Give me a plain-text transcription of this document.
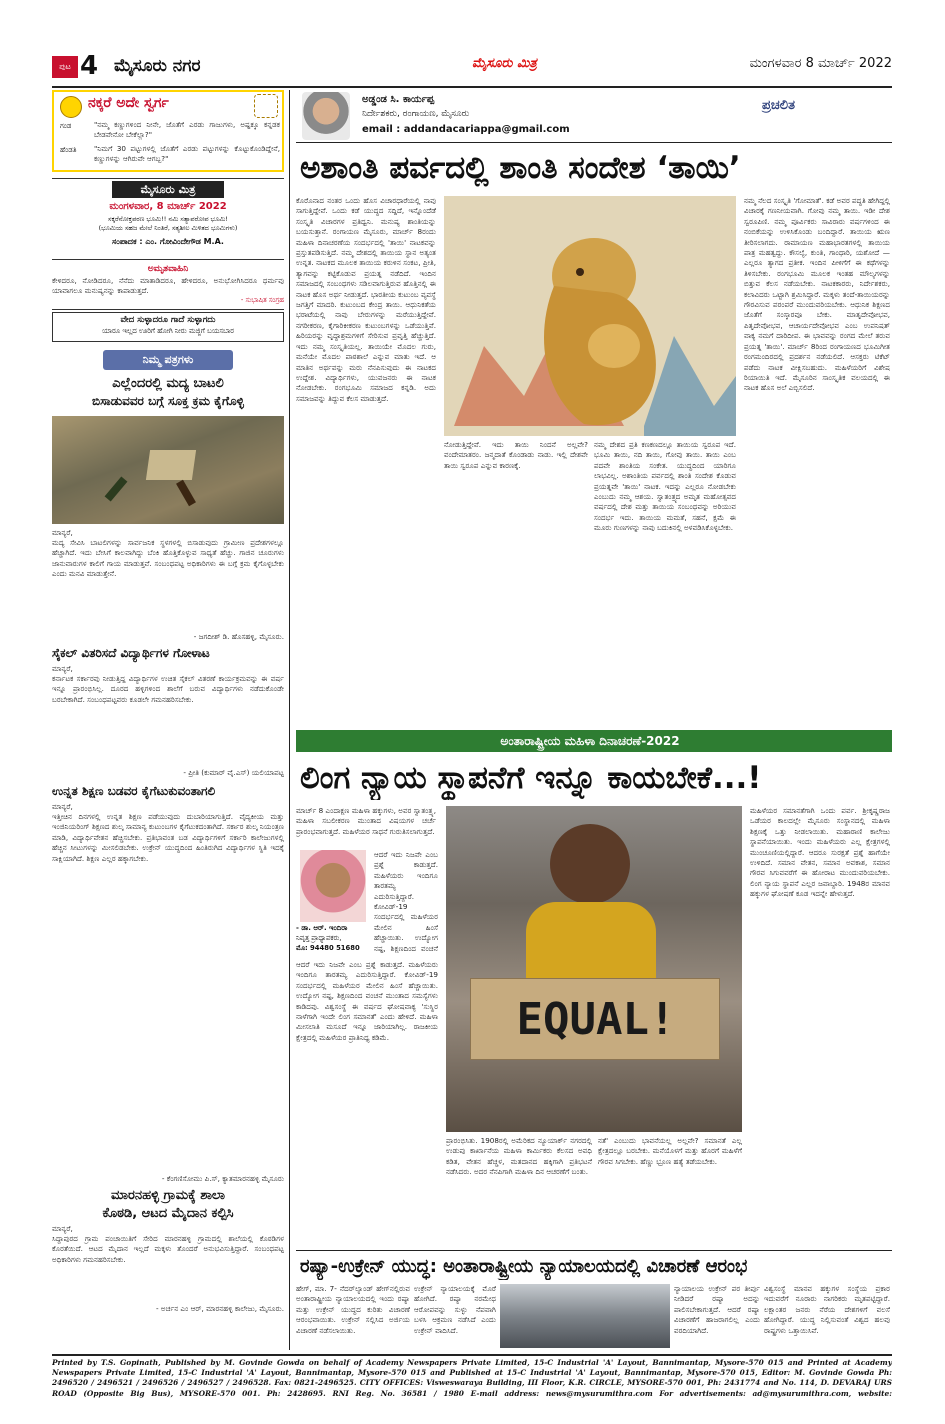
ಪುಟ 4 ಮೈಸೂರು ನಗರ	ಮೈಸೂರು ಮಿತ್ರ	ಮಂಗಳವಾರ 8 ಮಾರ್ಚ್ 2022
ನಕ್ಕರೆ ಅದೇ ಸ್ವರ್ಗ
ಗಂಡ	"ನಮ್ಮ ಕಣ್ಣುಗಳಿಂದ ನೀನೇ, ಜೊತೆಗೆ ಎರಡು ಗಾಜುಗಳು, ಅಷ್ಟಕ್ಕೂ ಕನ್ನಡಕ ಬೇಡವೇನೋ ಬೇಕೆಲ್ಲಾ?"
ಹೆಂಡತಿ	"ನಿಮಗೆ 30 ಪಟ್ಟುಗಳಲ್ಲಿ ಜೊತೆಗೆ ಎರಡು ಪಟ್ಟುಗಳನ್ನು ಕೊಟ್ಟುಕೊಂಡಿದ್ದೇನೆ, ಕಣ್ಣುಗಳನ್ನು ಆಗಿರುವೇ ಆಗಬ್ಬ?"
ಮೈಸೂರು ಮಿತ್ರ
ಮಂಗಳವಾರ, 8 ಮಾರ್ಚ್ 2022
ಸಕ್ಕರೆನೋಕ್ತಪಠಣ ಭೂಮಿ!! ನಮಿ ಸತ್ಯಾಪರೋಪ ಭೂಮಿ!
(ಭೂಮಿಯ ಸಹಜ ಮೇಲೆ ನಿಂತಿರೆ, ಸತ್ಯಶೀಲ ಮಿಳಿತದ ಭೂಮಿಗಳು)
ಸಂಪಾದಕ : ಎಂ. ಗೋವಿಂದೇಗೌಡ M.A.
ಅಮೃತವಾಹಿನಿ
ಕೇಳಿದರೂ, ನೋಡಿದರೂ, ನೆನೆದು ಮಾತಾಡಿದರೂ, ಹೇಳಿದರೂ, ಅನುಭೋಗಿಸಿದರೂ ಧರ್ಮವು ಯಾವಾಗಲೂ ಮನುಷ್ಯನನ್ನು ಕಾಪಾಡುತ್ತದೆ.
- ಸುಭಾಷಿತ ಸಂಗ್ರಹ
ವೇದ ಸುಳ್ಳಾದರೂ ಗಾದೆ ಸುಳ್ಳಾಗದು
ಯಾರೂ ಇಲ್ಲದ ಊರಿಗೆ ಹೋಗಿ ನೀರು ಮಜ್ಜಿಗೆ ಬಯಸಬಾರ
ನಿಮ್ಮ ಪತ್ರಗಳು
ಎಲ್ಲೆಂದರಲ್ಲಿ ಮದ್ಯ ಬಾಟಲಿ
ಬಿಸಾಡುವವರ ಬಗ್ಗೆ ಸೂಕ್ತ ಕ್ರಮ ಕೈಗೊಳ್ಳಿ
ಮಾನ್ಯರೆ,
ಮದ್ಯ ಸೇವಿಸಿ ಬಾಟಲಿಗಳನ್ನು ಸಾರ್ವಜನಿಕ ಸ್ಥಳಗಳಲ್ಲಿ ಬಿಸಾಡುವುದು ಗ್ರಾಮೀಣ ಪ್ರದೇಶಗಳಲ್ಲೂ ಹೆಚ್ಚಾಗಿದೆ. ಇದು ಬೇಸಿಗೆ ಕಾಲವಾಗಿದ್ದು ಬೆಂಕಿ ಹೊತ್ತಿಕೊಳ್ಳುವ ಸಾಧ್ಯತೆ ಹೆಚ್ಚು. ಗಾಜಿನ ಚೂರುಗಳು ಜಾನುವಾರುಗಳ ಕಾಲಿಗೆ ಗಾಯ ಮಾಡುತ್ತವೆ. ಸಂಬಂಧಪಟ್ಟ ಅಧಿಕಾರಿಗಳು ಈ ಬಗ್ಗೆ ಕ್ರಮ ಕೈಗೊಳ್ಳಬೇಕು ಎಂದು ಮನವಿ ಮಾಡುತ್ತೇನೆ.
- ಜಗದೀಶ್ ಡಿ. ಹೊಸಹಳ್ಳಿ, ಮೈಸೂರು.
ಸೈಕಲ್ ವಿತರಿಸದೆ ವಿದ್ಯಾರ್ಥಿಗಳ ಗೋಳಾಟ
ಮಾನ್ಯರೆ,
ಕರ್ನಾಟಕ ಸರ್ಕಾರವು ನೀಡುತ್ತಿದ್ದ ವಿದ್ಯಾರ್ಥಿಗಳ ಉಚಿತ ಸೈಕಲ್ ವಿತರಣೆ ಕಾರ್ಯಕ್ರಮವನ್ನು ಈ ವರ್ಷ ಇನ್ನೂ ಪ್ರಾರಂಭಿಸಿಲ್ಲ. ದೂರದ ಹಳ್ಳಿಗಳಿಂದ ಶಾಲೆಗೆ ಬರುವ ವಿದ್ಯಾರ್ಥಿಗಳು ನಡೆದುಕೊಂಡೇ ಬರಬೇಕಾಗಿದೆ. ಸಂಬಂಧಪಟ್ಟವರು ಕೂಡಲೇ ಗಮನಹರಿಸಬೇಕು.
- ಪ್ರೀತಿ (ಕುಮಾರ್ ವೈ.ಎಸ್) ಯಲಿಯಾಪಟ್ಟ
ಉನ್ನತ ಶಿಕ್ಷಣ ಬಡವರ ಕೈಗೆಟುಕುವಂತಾಗಲಿ
ಮಾನ್ಯರೆ,
ಇತ್ತೀಚಿನ ದಿನಗಳಲ್ಲಿ ಉನ್ನತ ಶಿಕ್ಷಣ ಪಡೆಯುವುದು ದುಬಾರಿಯಾಗುತ್ತಿದೆ. ವೈದ್ಯಕೀಯ ಮತ್ತು ಇಂಜಿನಿಯರಿಂಗ್ ಶಿಕ್ಷಣದ ಶುಲ್ಕ ಸಾಮಾನ್ಯ ಕುಟುಂಬಗಳ ಕೈಗೆಟುಕದಂತಾಗಿದೆ. ಸರ್ಕಾರ ಶುಲ್ಕ ನಿಯಂತ್ರಣ ಮಾಡಿ, ವಿದ್ಯಾರ್ಥಿವೇತನ ಹೆಚ್ಚಿಸಬೇಕು. ಪ್ರತಿಭಾವಂತ ಬಡ ವಿದ್ಯಾರ್ಥಿಗಳಿಗೆ ಸರ್ಕಾರಿ ಕಾಲೇಜುಗಳಲ್ಲಿ ಹೆಚ್ಚಿನ ಸೀಟುಗಳನ್ನು ಮೀಸಲಿಡಬೇಕು. ಉಕ್ರೇನ್ ಯುದ್ಧದಿಂದ ಹಿಂತಿರುಗಿದ ವಿದ್ಯಾರ್ಥಿಗಳ ಸ್ಥಿತಿ ಇದಕ್ಕೆ ಸಾಕ್ಷಿಯಾಗಿದೆ. ಶಿಕ್ಷಣ ಎಲ್ಲರ ಹಕ್ಕಾಗಬೇಕು.
- ಕೆಂಗಣಿಸೋಮು ಪಿ.ಸ್, ಕ್ಯಾತಮಾರನಹಳ್ಳಿ ಮೈಸೂರು
ಮಾರನಹಳ್ಳಿ ಗ್ರಾಮಕ್ಕೆ ಶಾಲಾ
ಕೊಠಡಿ, ಆಟದ ಮೈದಾನ ಕಲ್ಪಿಸಿ
ಮಾನ್ಯರೆ,
ಸಿದ್ದಾಪುರದ ಗ್ರಾಮ ಪಂಚಾಯಿತಿಗೆ ಸೇರಿದ ಮಾರನಹಳ್ಳಿ ಗ್ರಾಮದಲ್ಲಿ ಶಾಲೆಯಲ್ಲಿ ಕೊಠಡಿಗಳ ಕೊರತೆಯಿದೆ. ಆಟದ ಮೈದಾನ ಇಲ್ಲದೆ ಮಕ್ಕಳು ತೊಂದರೆ ಅನುಭವಿಸುತ್ತಿದ್ದಾರೆ. ಸಂಬಂಧಪಟ್ಟ ಅಧಿಕಾರಿಗಳು ಗಮನಹರಿಸಬೇಕು.
- ಅರ್ಚನ ಎಂ ಆರ್, ಮಾರನಹಳ್ಳಿ ಕಾಲೇಜು, ಮೈಸೂರು.
ಅಡ್ಡಂಡ ಸಿ. ಕಾರ್ಯಪ್ಪ
ನಿರ್ದೇಶಕರು, ರಂಗಾಯಣ, ಮೈಸೂರು
email : addandacariappa@gmail.com
ಪ್ರಚಲಿತ
ಅಶಾಂತಿ ಪರ್ವದಲ್ಲಿ ಶಾಂತಿ ಸಂದೇಶ ‘ತಾಯಿ’
ಕೊರೊನಾದ ನಂತರ ಒಂದು ಹೊಸ ವಿಚಾರಧಾರೆಯಲ್ಲಿ ನಾವು ಸಾಗುತ್ತಿದ್ದೇವೆ. ಒಂದು ಕಡೆ ಯುದ್ಧದ ಸದ್ದಿದೆ, ಇನ್ನೊಂದೆಡೆ ಸಂಸ್ಕೃತಿ ವಿಚಾರಗಳ ಪ್ರತಿಧ್ವನಿ. ಮನುಷ್ಯ ಶಾಂತಿಯನ್ನು ಬಯಸುತ್ತಾನೆ. ರಂಗಾಯಣ ಮೈಸೂರು, ಮಾರ್ಚ್ 8ರಂದು ಮಹಿಳಾ ದಿನಾಚರಣೆಯ ಸಂದರ್ಭದಲ್ಲಿ 'ತಾಯಿ' ನಾಟಕವನ್ನು ಪ್ರಸ್ತುತಪಡಿಸುತ್ತಿದೆ. ನಮ್ಮ ದೇಶದಲ್ಲಿ ತಾಯಿಯ ಸ್ಥಾನ ಅತ್ಯಂತ ಉನ್ನತ. ನಾಟಕದ ಮೂಲಕ ತಾಯಿಯ ಕರುಳಿನ ಸಂಕಟ, ಪ್ರೀತಿ, ತ್ಯಾಗವನ್ನು ಕಟ್ಟಿಕೊಡುವ ಪ್ರಯತ್ನ ನಡೆದಿದೆ. ಇಂದಿನ ಸಮಾಜದಲ್ಲಿ ಸಂಬಂಧಗಳು ಸಡಿಲವಾಗುತ್ತಿರುವ ಹೊತ್ತಿನಲ್ಲಿ ಈ ನಾಟಕ ಹೊಸ ಅರ್ಥ ನೀಡುತ್ತದೆ. ಭಾರತೀಯ ಕುಟುಂಬ ವ್ಯವಸ್ಥೆ ಜಗತ್ತಿಗೆ ಮಾದರಿ. ಕುಟುಂಬದ ಕೇಂದ್ರ ತಾಯಿ. ಆಧುನಿಕತೆಯ ಭರಾಟೆಯಲ್ಲಿ ನಾವು ಬೇರುಗಳನ್ನು ಮರೆಯುತ್ತಿದ್ದೇವೆ. ನಗರೀಕರಣ, ಕೈಗಾರಿಕೀಕರಣ ಕುಟುಂಬಗಳನ್ನು ಒಡೆಯುತ್ತಿವೆ. ಹಿರಿಯರನ್ನು ವೃದ್ಧಾಶ್ರಮಗಳಿಗೆ ಸೇರಿಸುವ ಪ್ರವೃತ್ತಿ ಹೆಚ್ಚುತ್ತಿದೆ. ಇದು ನಮ್ಮ ಸಂಸ್ಕೃತಿಯಲ್ಲ. ತಾಯಿಯೇ ಮೊದಲ ಗುರು, ಮನೆಯೇ ಮೊದಲ ಪಾಠಶಾಲೆ ಎನ್ನುವ ಮಾತು ಇದೆ. ಆ ಮಾತಿನ ಅರ್ಥವನ್ನು ಮರು ನೆನಪಿಸುವುದು ಈ ನಾಟಕದ ಉದ್ದೇಶ. ವಿದ್ಯಾರ್ಥಿಗಳು, ಯುವಜನರು ಈ ನಾಟಕ ನೋಡಬೇಕು. ರಂಗಭೂಮಿ ಸಮಾಜದ ಕನ್ನಡಿ. ಅದು ಸಮಾಜವನ್ನು ತಿದ್ದುವ ಕೆಲಸ ಮಾಡುತ್ತದೆ.
ನೋಡುತ್ತಿದ್ದೇವೆ. ಇದು ತಾಯಿ ನಿಂದನೆ ಅಲ್ಲವೇ? ವಂದೇಮಾತರಂ. ಜನ್ಮದಾತೆ ಕೊಂಡಾಡು ನಾಡು. ಇಲ್ಲಿ ದೇಶವೇ ತಾಯಿ ಸ್ವರೂಪ ಎನ್ನುವ ಕಾರಣಕ್ಕೆ.
ನಮ್ಮ ದೇಶದ ಪ್ರತಿ ಕಣಕಣದಲ್ಲೂ ತಾಯಿಯ ಸ್ವರೂಪ ಇದೆ. ಭೂಮಿ ತಾಯಿ, ನದಿ ತಾಯಿ, ಗೋವು ತಾಯಿ. ತಾಯಿ ಎಂಬ ಪದವೇ ಶಾಂತಿಯ ಸಂಕೇತ. ಯುದ್ಧದಿಂದ ಯಾರಿಗೂ ಲಾಭವಿಲ್ಲ. ಅಶಾಂತಿಯ ಪರ್ವದಲ್ಲಿ ಶಾಂತಿ ಸಂದೇಶ ಕೊಡುವ ಪ್ರಯತ್ನವೇ 'ತಾಯಿ' ನಾಟಕ. ಇದನ್ನು ಎಲ್ಲರೂ ನೋಡಬೇಕು ಎಂಬುದು ನಮ್ಮ ಆಶಯ. ಸ್ವಾತಂತ್ರ್ಯದ ಅಮೃತ ಮಹೋತ್ಸವದ ವರ್ಷದಲ್ಲಿ ದೇಶ ಮತ್ತು ತಾಯಿಯ ಸಂಬಂಧವನ್ನು ಅರಿಯುವ ಸಂದರ್ಭ ಇದು. ತಾಯಿಯ ಮಮತೆ, ಸಹನೆ, ಕ್ಷಮೆ ಈ ಮೂರು ಗುಣಗಳನ್ನು ನಾವು ಬದುಕಿನಲ್ಲಿ ಅಳವಡಿಸಿಕೊಳ್ಳಬೇಕು.
ನಮ್ಮ ನೆಲದ ಸಂಸ್ಕೃತಿ 'ಗೋಮಾತೆ'. ಕಡೆ ಅವರ ಪದ್ಧತಿ ಹೇಗಿದ್ದಲ್ಲಿ ವಿಚಾರಕ್ಕೆ ಗಣನೀಯವಾಗಿ. ಗೋವು ನಮ್ಮ ತಾಯಿ. ಇಡೀ ದೇಶ ಸ್ವರೂಪಿಣಿ. ನಮ್ಮ ಪೂರ್ವಿಕರು ಸಾವಿರಾರು ವರ್ಷಗಳಿಂದ ಈ ನಂಬಿಕೆಯನ್ನು ಉಳಿಸಿಕೊಂಡು ಬಂದಿದ್ದಾರೆ. ತಾಯಿಯ ಋಣ ತೀರಿಸಲಾಗದು. ರಾಮಾಯಣ ಮಹಾಭಾರತಗಳಲ್ಲಿ ತಾಯಿಯ ಪಾತ್ರ ಮಹತ್ವದ್ದು. ಕೌಸಲ್ಯೆ, ಕುಂತಿ, ಗಾಂಧಾರಿ, ಯಶೋದೆ — ಎಲ್ಲರೂ ತ್ಯಾಗದ ಪ್ರತೀಕ. ಇಂದಿನ ಪೀಳಿಗೆಗೆ ಈ ಕಥೆಗಳನ್ನು ತಿಳಿಸಬೇಕು. ರಂಗಭೂಮಿ ಮೂಲಕ ಇಂತಹ ಮೌಲ್ಯಗಳನ್ನು ಬಿತ್ತುವ ಕೆಲಸ ನಡೆಯಬೇಕು. ನಾಟಕಕಾರರು, ನಿರ್ದೇಶಕರು, ಕಲಾವಿದರು ಒಟ್ಟಾಗಿ ಶ್ರಮಿಸಿದ್ದಾರೆ. ಮಕ್ಕಳು ತಂದೆ-ತಾಯಿಯರನ್ನು ಗೌರವಿಸುವ ಪರಂಪರೆ ಮುಂದುವರಿಯಬೇಕು. ಆಧುನಿಕ ಶಿಕ್ಷಣದ ಜೊತೆಗೆ ಸಂಸ್ಕಾರವೂ ಬೇಕು. ಮಾತೃದೇವೋಭವ, ಪಿತೃದೇವೋಭವ, ಆಚಾರ್ಯದೇವೋಭವ ಎಂಬ ಉಪನಿಷತ್ ವಾಕ್ಯ ನಮಗೆ ದಾರಿದೀಪ. ಈ ಭಾವವನ್ನು ರಂಗದ ಮೇಲೆ ತರುವ ಪ್ರಯತ್ನ 'ತಾಯಿ'. ಮಾರ್ಚ್ 8ರಿಂದ ರಂಗಾಯಣದ ಭೂಮಿಗೀತ ರಂಗಮಂದಿರದಲ್ಲಿ ಪ್ರದರ್ಶನ ನಡೆಯಲಿದೆ. ಆಸಕ್ತರು ಟಿಕೆಟ್ ಪಡೆದು ನಾಟಕ ವೀಕ್ಷಿಸಬಹುದು. ಮಹಿಳೆಯರಿಗೆ ವಿಶೇಷ ರಿಯಾಯಿತಿ ಇದೆ. ಮೈಸೂರಿನ ಸಾಂಸ್ಕೃತಿಕ ವಲಯದಲ್ಲಿ ಈ ನಾಟಕ ಹೊಸ ಅಲೆ ಎಬ್ಬಿಸಲಿದೆ.
ಅಂತಾರಾಷ್ಟ್ರೀಯ ಮಹಿಳಾ ದಿನಾಚರಣೆ-2022
ಲಿಂಗ ನ್ಯಾಯ ಸ್ಥಾಪನೆಗೆ ಇನ್ನೂ ಕಾಯಬೇಕೆ...!
ಮಾರ್ಚ್ 8 ಎಂದಾಕ್ಷಣ ಮಹಿಳಾ ಹಕ್ಕುಗಳು, ಅವರ ಸ್ವಾತಂತ್ರ್ಯ, ಮಹಿಳಾ ಸಬಲೀಕರಣ ಮುಂತಾದ ವಿಷಯಗಳ ಚರ್ಚೆ ಪ್ರಾರಂಭವಾಗುತ್ತದೆ. ಮಹಿಳೆಯರ ಸಾಧನೆ ಗುರುತಿಸಲಾಗುತ್ತದೆ.
- ಡಾ. ಆರ್. ಇಂದಿರಾ
ನಿವೃತ್ತ ಪ್ರಾಧ್ಯಾಪಕರು,
ಮೊ: 94480 51680
ಆದರೆ ಇದು ನಿಜವೇ ಎಂಬ ಪ್ರಶ್ನೆ ಕಾಡುತ್ತದೆ. ಮಹಿಳೆಯರು ಇಂದಿಗೂ ತಾರತಮ್ಯ ಎದುರಿಸುತ್ತಿದ್ದಾರೆ. ಕೋವಿಡ್-19 ಸಂದರ್ಭದಲ್ಲಿ ಮಹಿಳೆಯರ ಮೇಲಿನ ಹಿಂಸೆ ಹೆಚ್ಚಾಯಿತು. ಉದ್ಯೋಗ ನಷ್ಟ, ಶಿಕ್ಷಣದಿಂದ ವಂಚನೆ
EQUAL!
ಪ್ರಾರಂಭಿಸಿತು. 1908ರಲ್ಲಿ ಅಮೆರಿಕದ ನ್ಯೂಯಾರ್ಕ್ ನಗರದಲ್ಲಿ ಉಡುಪು ಕಾರ್ಖಾನೆಯ ಮಹಿಳಾ ಕಾರ್ಮಿಕರು ಕೆಲಸದ ಅವಧಿ ಕಡಿತ, ವೇತನ ಹೆಚ್ಚಳ, ಮತದಾನದ ಹಕ್ಕಿಗಾಗಿ ಪ್ರತಿಭಟನೆ ನಡೆಸಿದರು. ಅದರ ನೆನಪಿಗಾಗಿ ಮಹಿಳಾ ದಿನ ಆಚರಣೆಗೆ ಬಂತು.
ನತೆ' ಎಂಬುದು ಭಾವನೆಯಲ್ಲ ಅಲ್ಲವೇ? ಸಮಾನತೆ ಎಲ್ಲ ಕ್ಷೇತ್ರದಲ್ಲೂ ಬರಬೇಕು. ಮನೆಯೊಳಗೆ ಮತ್ತು ಹೊರಗೆ ಮಹಿಳೆಗೆ ಗೌರವ ಸಿಗಬೇಕು. ಹೆಣ್ಣು ಭ್ರೂಣ ಹತ್ಯೆ ತಡೆಯಬೇಕು.
ಮಹಿಳೆಯರ ಸಮಾನತೆಗಾಗಿ ಒಂದು ಪರ್ವ. ಶ್ರೀಕೃಷ್ಣರಾಜ ಒಡೆಯರ ಕಾಲದಲ್ಲೇ ಮೈಸೂರು ಸಂಸ್ಥಾನದಲ್ಲಿ ಮಹಿಳಾ ಶಿಕ್ಷಣಕ್ಕೆ ಒತ್ತು ನೀಡಲಾಯಿತು. ಮಹಾರಾಣಿ ಕಾಲೇಜು ಸ್ಥಾಪನೆಯಾಯಿತು. ಇಂದು ಮಹಿಳೆಯರು ಎಲ್ಲ ಕ್ಷೇತ್ರಗಳಲ್ಲಿ ಮುಂಚೂಣಿಯಲ್ಲಿದ್ದಾರೆ. ಆದರೂ ಸುರಕ್ಷತೆ ಪ್ರಶ್ನೆ ಹಾಗೆಯೇ ಉಳಿದಿದೆ. ಸಮಾನ ವೇತನ, ಸಮಾನ ಅವಕಾಶ, ಸಮಾನ ಗೌರವ ಸಿಗುವವರೆಗೆ ಈ ಹೋರಾಟ ಮುಂದುವರಿಯಬೇಕು. ಲಿಂಗ ನ್ಯಾಯ ಸ್ಥಾಪನೆ ಎಲ್ಲರ ಜವಾಬ್ದಾರಿ. 1948ರ ಮಾನವ ಹಕ್ಕುಗಳ ಘೋಷಣೆ ಕೂಡ ಇದನ್ನೇ ಹೇಳುತ್ತದೆ.
ಆದರೆ ಇದು ನಿಜವೇ ಎಂಬ ಪ್ರಶ್ನೆ ಕಾಡುತ್ತದೆ. ಮಹಿಳೆಯರು ಇಂದಿಗೂ ತಾರತಮ್ಯ ಎದುರಿಸುತ್ತಿದ್ದಾರೆ. ಕೋವಿಡ್-19 ಸಂದರ್ಭದಲ್ಲಿ ಮಹಿಳೆಯರ ಮೇಲಿನ ಹಿಂಸೆ ಹೆಚ್ಚಾಯಿತು. ಉದ್ಯೋಗ ನಷ್ಟ, ಶಿಕ್ಷಣದಿಂದ ವಂಚನೆ ಮುಂತಾದ ಸಮಸ್ಯೆಗಳು ಕಾಡಿದವು. ವಿಶ್ವಸಂಸ್ಥೆ ಈ ವರ್ಷದ ಘೋಷವಾಕ್ಯ 'ಸುಸ್ಥಿರ ನಾಳೆಗಾಗಿ ಇಂದೇ ಲಿಂಗ ಸಮಾನತೆ' ಎಂದು ಹೇಳಿದೆ. ಮಹಿಳಾ ಮೀಸಲಾತಿ ಮಸೂದೆ ಇನ್ನೂ ಜಾರಿಯಾಗಿಲ್ಲ. ರಾಜಕೀಯ ಕ್ಷೇತ್ರದಲ್ಲಿ ಮಹಿಳೆಯರ ಪ್ರಾತಿನಿಧ್ಯ ಕಡಿಮೆ.
ರಷ್ಯಾ-ಉಕ್ರೇನ್ ಯುದ್ಧ: ಅಂತಾರಾಷ್ಟ್ರೀಯ ನ್ಯಾಯಾಲಯದಲ್ಲಿ ವಿಚಾರಣೆ ಆರಂಭ
ಹೇಗ್, ಮಾ. 7- ನೆದರ್‌ಲ್ಯಾಂಡ್ ಹೇಗ್‌ನಲ್ಲಿರುವ ಅಂತಾರಾಷ್ಟ್ರೀಯ ನ್ಯಾಯಾಲಯದಲ್ಲಿ ಇಂದು ರಷ್ಯಾ ಮತ್ತು ಉಕ್ರೇನ್ ಯುದ್ಧದ ಕುರಿತು ವಿಚಾರಣೆ ಆರಂಭವಾಯಿತು. ಉಕ್ರೇನ್ ಸಲ್ಲಿಸಿದ ಅರ್ಜಿಯ ವಿಚಾರಣೆ ನಡೆಸಲಾಯಿತು.
ಉಕ್ರೇನ್ ನ್ಯಾಯಾಲಯಕ್ಕೆ ಮೊರೆ ಹೋಗಿದೆ. ರಷ್ಯಾ ನರಮೇಧ ಆರೋಪವನ್ನು ಸುಳ್ಳು ನೆಪವಾಗಿ ಬಳಸಿ ಆಕ್ರಮಣ ನಡೆಸಿದೆ ಎಂದು ಉಕ್ರೇನ್ ವಾದಿಸಿದೆ.
ನ್ಯಾಯಾಲಯ ಉಕ್ರೇನ್ ಪರ ತೀರ್ಪು ನೀಡಿದರೆ ರಷ್ಯಾ ಅದನ್ನು ಪಾಲಿಸಬೇಕಾಗುತ್ತದೆ. ಆದರೆ ರಷ್ಯಾ ವಿಚಾರಣೆಗೆ ಹಾಜರಾಗಲಿಲ್ಲ ಎಂದು ವರದಿಯಾಗಿದೆ.
ವಿಶ್ವಸಂಸ್ಥೆ ಮಾನವ ಹಕ್ಕುಗಳ ಸಂಸ್ಥೆಯ ಪ್ರಕಾರ ಇದುವರೆಗೆ ನೂರಾರು ನಾಗರಿಕರು ಮೃತಪಟ್ಟಿದ್ದಾರೆ. ಲಕ್ಷಾಂತರ ಜನರು ನೆರೆಯ ದೇಶಗಳಿಗೆ ವಲಸೆ ಹೋಗಿದ್ದಾರೆ. ಯುದ್ಧ ನಿಲ್ಲಿಸುವಂತೆ ವಿಶ್ವದ ಹಲವು ರಾಷ್ಟ್ರಗಳು ಒತ್ತಾಯಿಸಿವೆ.
Printed by T.S. Gopinath, Published by M. Govinde Gowda on behalf of Academy Newspapers Private Limited, 15-C Industrial 'A' Layout, Bannimantap, Mysore-570 015 and Printed at Academy Newspapers Private Limited, 15-C Industrial 'A' Layout, Bannimantap, Mysore-570 015 and Published at 15-C Industrial 'A' Layout, Bannimantap, Mysore-570 015, Editor: M. Govinde Gowda Ph: 2496520 / 2496521 / 2496526 / 2496527 / 2496528. Fax: 0821-2496525. CITY OFFICES: Visweswaraya Building, III Floor, K.R. CIRCLE, MYSORE-570 001, Ph: 2431774 and No. 114, D. DEVARAJ URS ROAD (Opposite Big Bus), MYSORE-570 001. Ph: 2428695. RNI Reg. No. 36581 / 1980 E-mail address: news@mysurumithra.com For advertisements: ad@mysurumithra.com, website:
